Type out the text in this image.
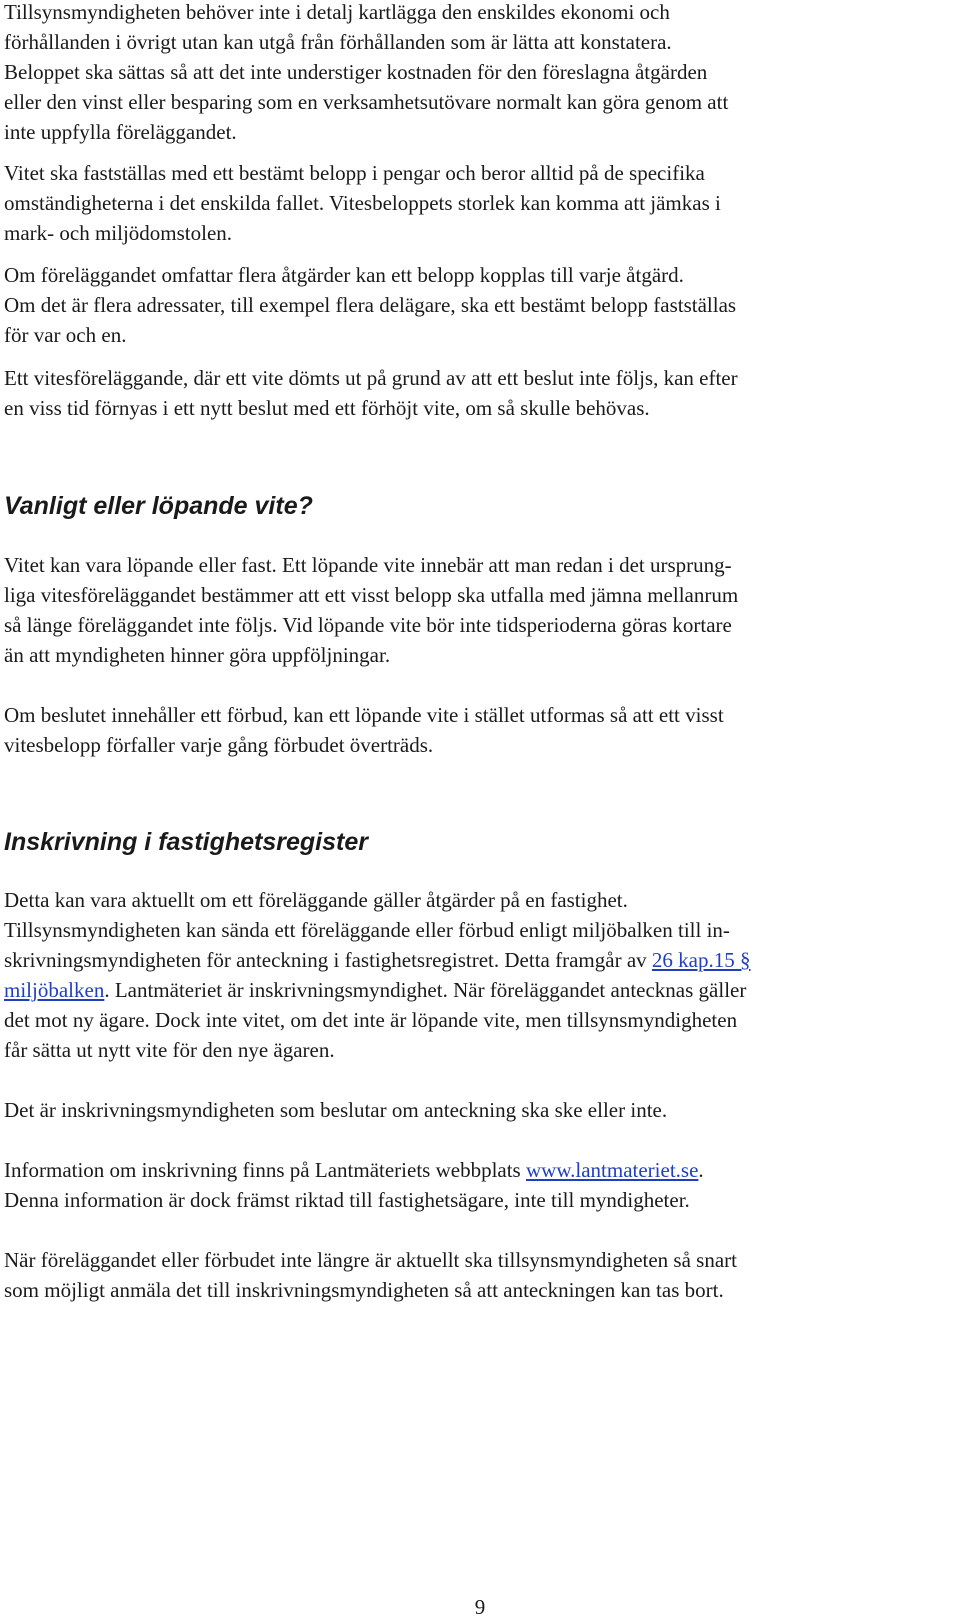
Tillsynsmyndigheten behöver inte i detalj kartlägga den enskildes ekonomi och
förhållanden i övrigt utan kan utgå från förhållanden som är lätta att konstatera.
Beloppet ska sättas så att det inte understiger kostnaden för den föreslagna åtgärden
eller den vinst eller besparing som en verksamhetsutövare normalt kan göra genom att
inte uppfylla föreläggandet.
Vitet ska fastställas med ett bestämt belopp i pengar och beror alltid på de specifika
omständigheterna i det enskilda fallet. Vitesbeloppets storlek kan komma att jämkas i
mark- och miljödomstolen.
Om föreläggandet omfattar flera åtgärder kan ett belopp kopplas till varje åtgärd.
Om det är flera adressater, till exempel flera delägare, ska ett bestämt belopp fastställas
för var och en.
Ett vitesföreläggande, där ett vite dömts ut på grund av att ett beslut inte följs, kan efter
en viss tid förnyas i ett nytt beslut med ett förhöjt vite, om så skulle behövas.
Vanligt eller löpande vite?
Vitet kan vara löpande eller fast. Ett löpande vite innebär att man redan i det ursprung-
liga vitesföreläggandet bestämmer att ett visst belopp ska utfalla med jämna mellanrum
så länge föreläggandet inte följs. Vid löpande vite bör inte tidsperioderna göras kortare
än att myndigheten hinner göra uppföljningar.
Om beslutet innehåller ett förbud, kan ett löpande vite i stället utformas så att ett visst
vitesbelopp förfaller varje gång förbudet överträds.
Inskrivning i fastighetsregister
Detta kan vara aktuellt om ett föreläggande gäller åtgärder på en fastighet.
Tillsynsmyndigheten kan sända ett föreläggande eller förbud enligt miljöbalken till in-
skrivningsmyndigheten för anteckning i fastighetsregistret. Detta framgår av 26 kap.15 §
miljöbalken. Lantmäteriet är inskrivningsmyndighet. När föreläggandet antecknas gäller
det mot ny ägare. Dock inte vitet, om det inte är löpande vite, men tillsynsmyndigheten
får sätta ut nytt vite för den nye ägaren.
Det är inskrivningsmyndigheten som beslutar om anteckning ska ske eller inte.
Information om inskrivning finns på Lantmäteriets webbplats www.lantmateriet.se.
Denna information är dock främst riktad till fastighetsägare, inte till myndigheter.
När föreläggandet eller förbudet inte längre är aktuellt ska tillsynsmyndigheten så snart
som möjligt anmäla det till inskrivningsmyndigheten så att anteckningen kan tas bort.
9
